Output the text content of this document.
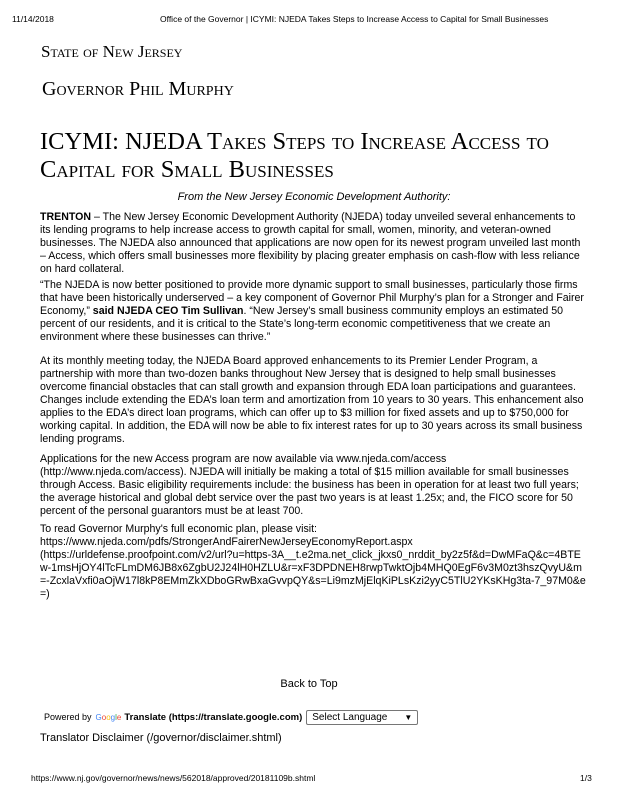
11/14/2018	Office of the Governor | ICYMI: NJEDA Takes Steps to Increase Access to Capital for Small Businesses
State of New Jersey
Governor Phil Murphy
ICYMI: NJEDA Takes Steps to Increase Access to Capital for Small Businesses
From the New Jersey Economic Development Authority:

TRENTON – The New Jersey Economic Development Authority (NJEDA) today unveiled several enhancements to its lending programs to help increase access to growth capital for small, women, minority, and veteran-owned businesses. The NJEDA also announced that applications are now open for its newest program unveiled last month – Access, which offers small businesses more flexibility by placing greater emphasis on cash-flow with less reliance on hard collateral.

“The NJEDA is now better positioned to provide more dynamic support to small businesses, particularly those firms that have been historically underserved – a key component of Governor Phil Murphy’s plan for a Stronger and Fairer Economy,” said NJEDA CEO Tim Sullivan. “New Jersey’s small business community employs an estimated 50 percent of our residents, and it is critical to the State’s long-term economic competitiveness that we create an environment where these businesses can thrive.”

At its monthly meeting today, the NJEDA Board approved enhancements to its Premier Lender Program, a partnership with more than two-dozen banks throughout New Jersey that is designed to help small businesses overcome financial obstacles that can stall growth and expansion through EDA loan participations and guarantees. Changes include extending the EDA’s loan term and amortization from 10 years to 30 years. This enhancement also applies to the EDA’s direct loan programs, which can offer up to $3 million for fixed assets and up to $750,000 for working capital. In addition, the EDA will now be able to fix interest rates for up to 30 years across its small business lending programs.

Applications for the new Access program are now available via www.njeda.com/access (http://www.njeda.com/access). NJEDA will initially be making a total of $15 million available for small businesses through Access. Basic eligibility requirements include: the business has been in operation for at least two full years; the average historical and global debt service over the past two years is at least 1.25x; and, the FICO score for 50 percent of the personal guarantors must be at least 700.

To read Governor Murphy's full economic plan, please visit:
https://www.njeda.com/pdfs/StrongerAndFairerNewJerseyEconomyReport.aspx
(https://urldefense.proofpoint.com/v2/url?u=https-3A__t.e2ma.net_click_jkxs0_nrddit_by2z5f&d=DwMFaQ&c=4BTEw-1msHjOY4lTcFLmDM6JB8x6ZgbU2J24lH0HZLU&r=xF3DPDNEH8rwpTwktOjb4MHQ0EgF6v3M0zt3hszQvyU&m=-ZcxlaVxfi0aOjW17l8kP8EMmZkXDboGRwBxaGvvpQY&s=Li9mzMjElqKiPLsKzi2yyC5TlU2YKsKHg3ta-7_97M0&e=)
Back to Top
Powered by Google Translate (https://translate.google.com) Select Language ▼
Translator Disclaimer (/governor/disclaimer.shtml)
https://www.nj.gov/governor/news/news/562018/approved/20181109b.shtml	1/3
